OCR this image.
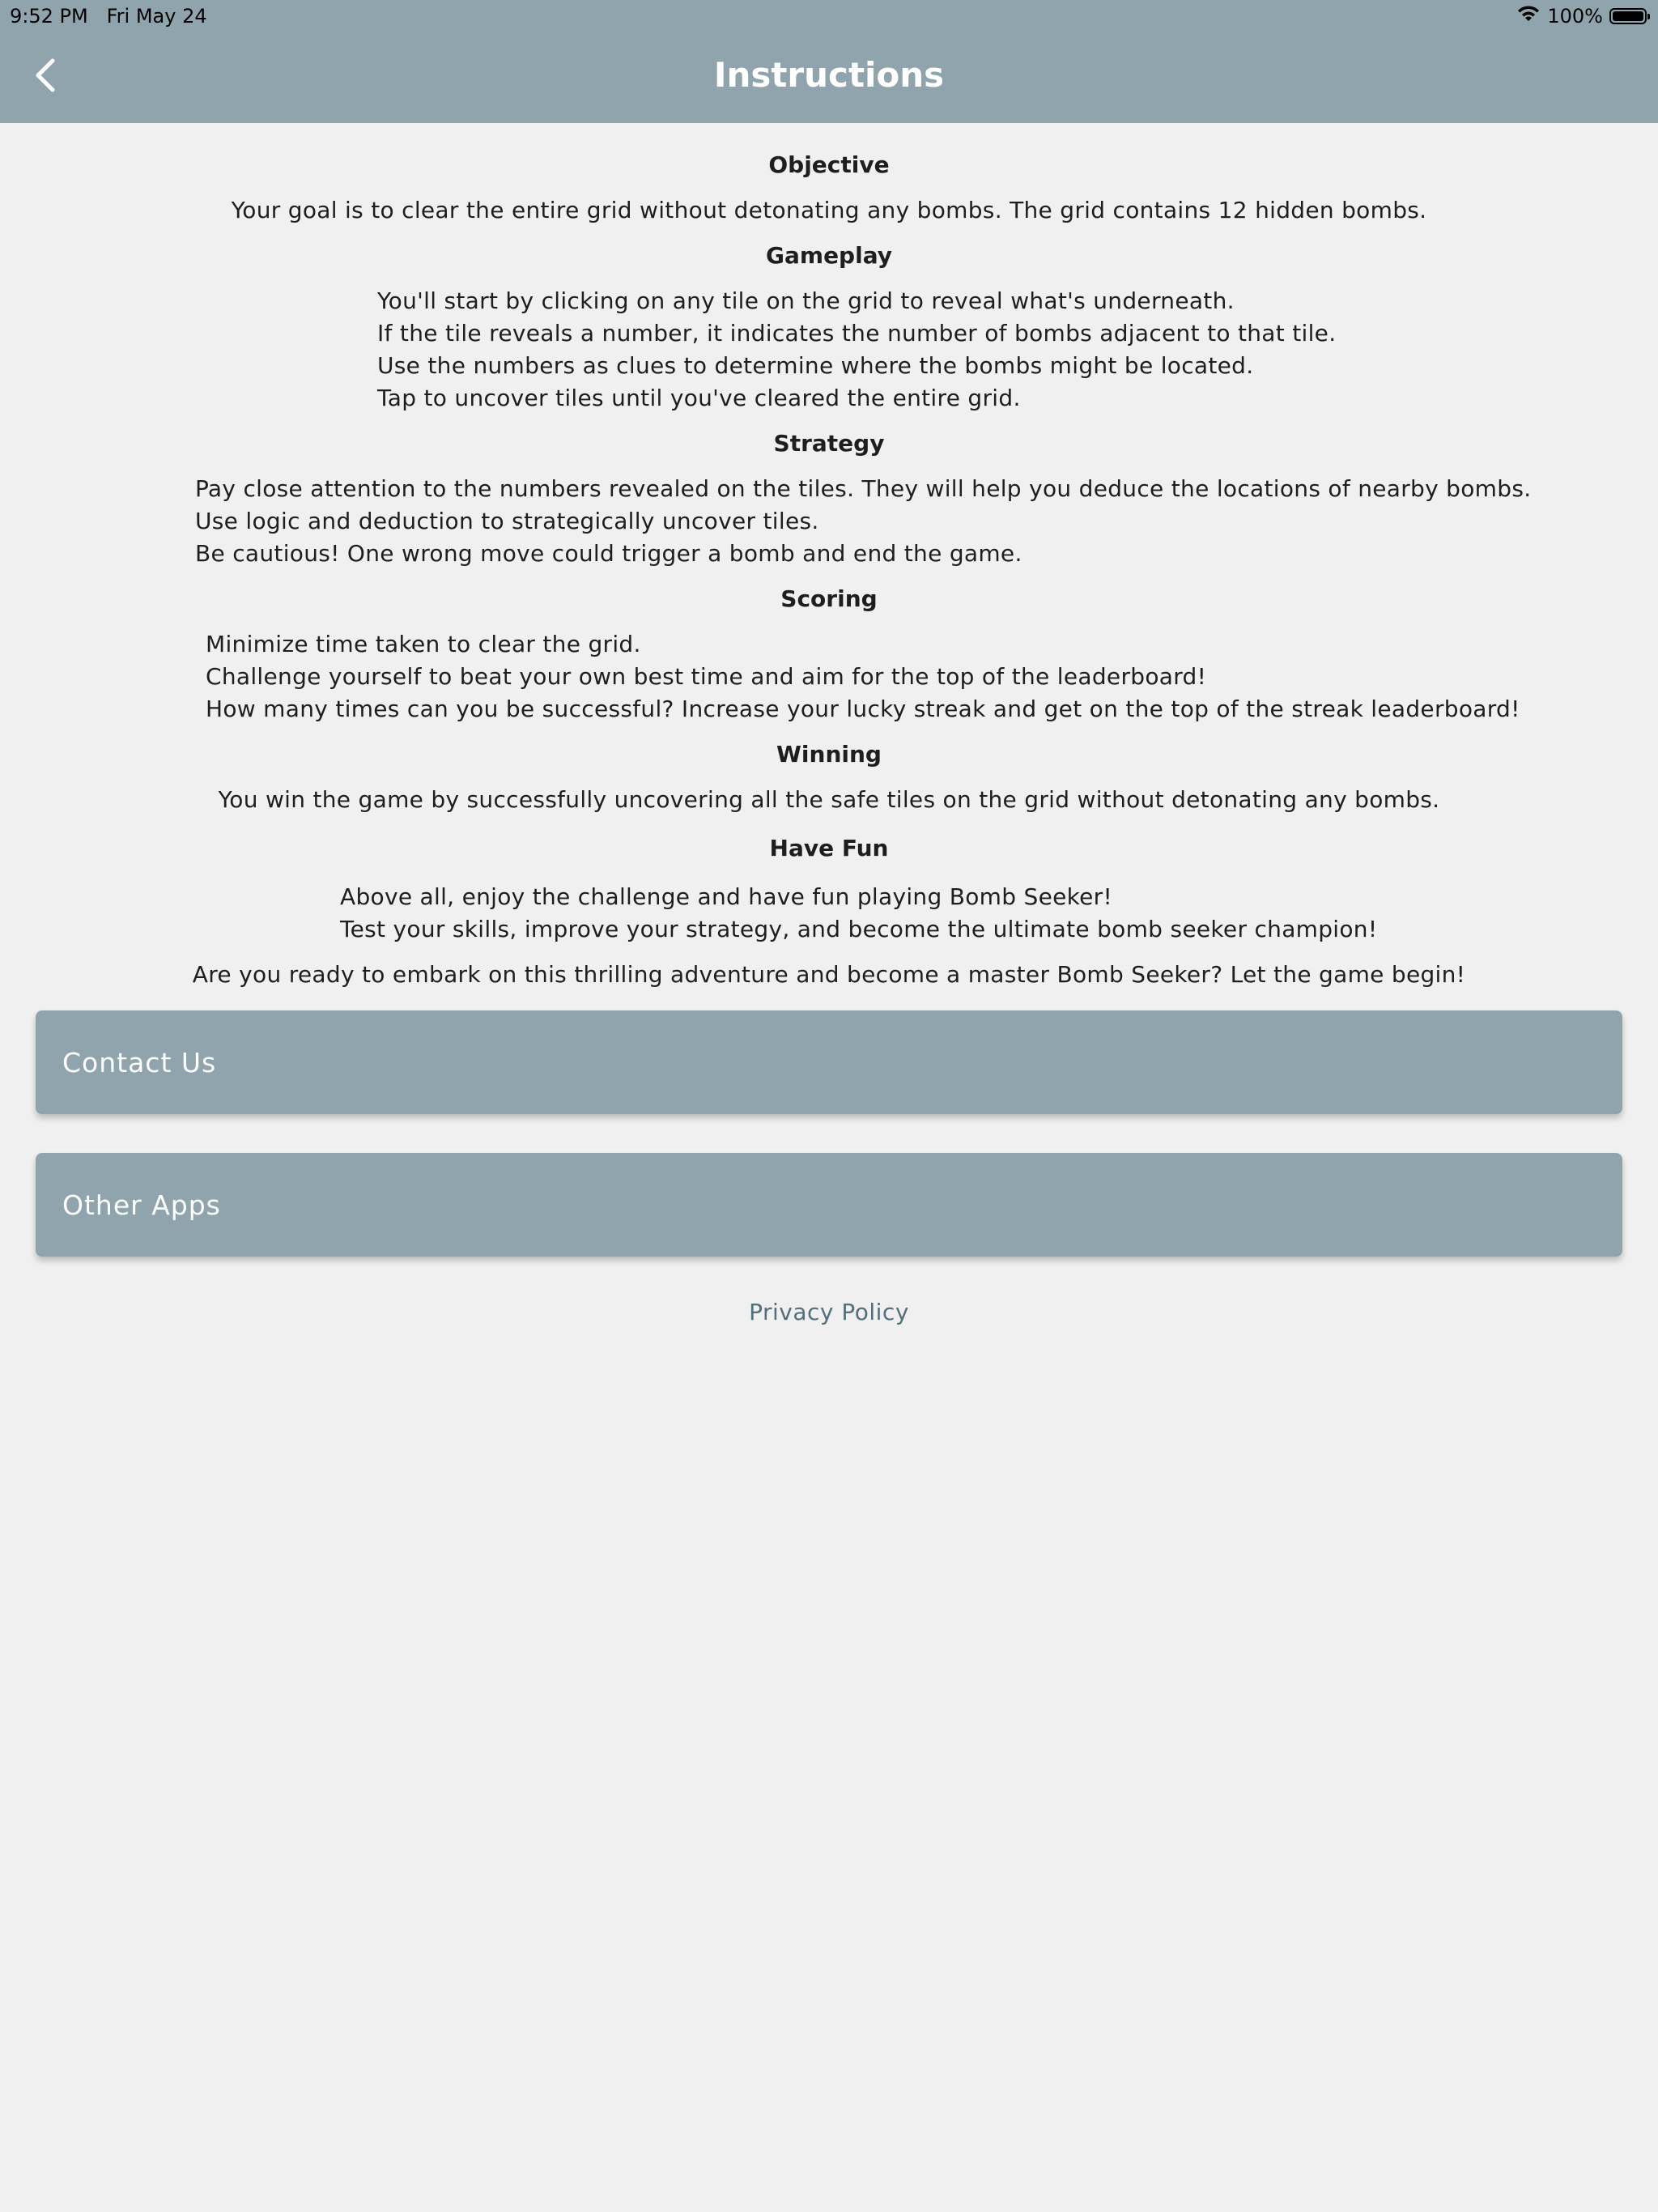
9:52 PM Fri May 24	100%
Instructions

Objective

Your goal is to clear the entire grid without detonating any bombs. The grid contains 12 hidden bombs.

Gameplay

You'll start by clicking on any tile on the grid to reveal what's underneath.
If the tile reveals a number, it indicates the number of bombs adjacent to that tile.
Use the numbers as clues to determine where the bombs might be located.
Tap to uncover tiles until you've cleared the entire grid.

Strategy

Pay close attention to the numbers revealed on the tiles. They will help you deduce the locations of nearby bombs.
Use logic and deduction to strategically uncover tiles.
Be cautious! One wrong move could trigger a bomb and end the game.

Scoring

Minimize time taken to clear the grid.
Challenge yourself to beat your own best time and aim for the top of the leaderboard!
How many times can you be successful? Increase your lucky streak and get on the top of the streak leaderboard!

Winning

You win the game by successfully uncovering all the safe tiles on the grid without detonating any bombs.

Have Fun

Above all, enjoy the challenge and have fun playing Bomb Seeker!
Test your skills, improve your strategy, and become the ultimate bomb seeker champion!

Are you ready to embark on this thrilling adventure and become a master Bomb Seeker? Let the game begin!

Contact Us
Other Apps
Privacy Policy
